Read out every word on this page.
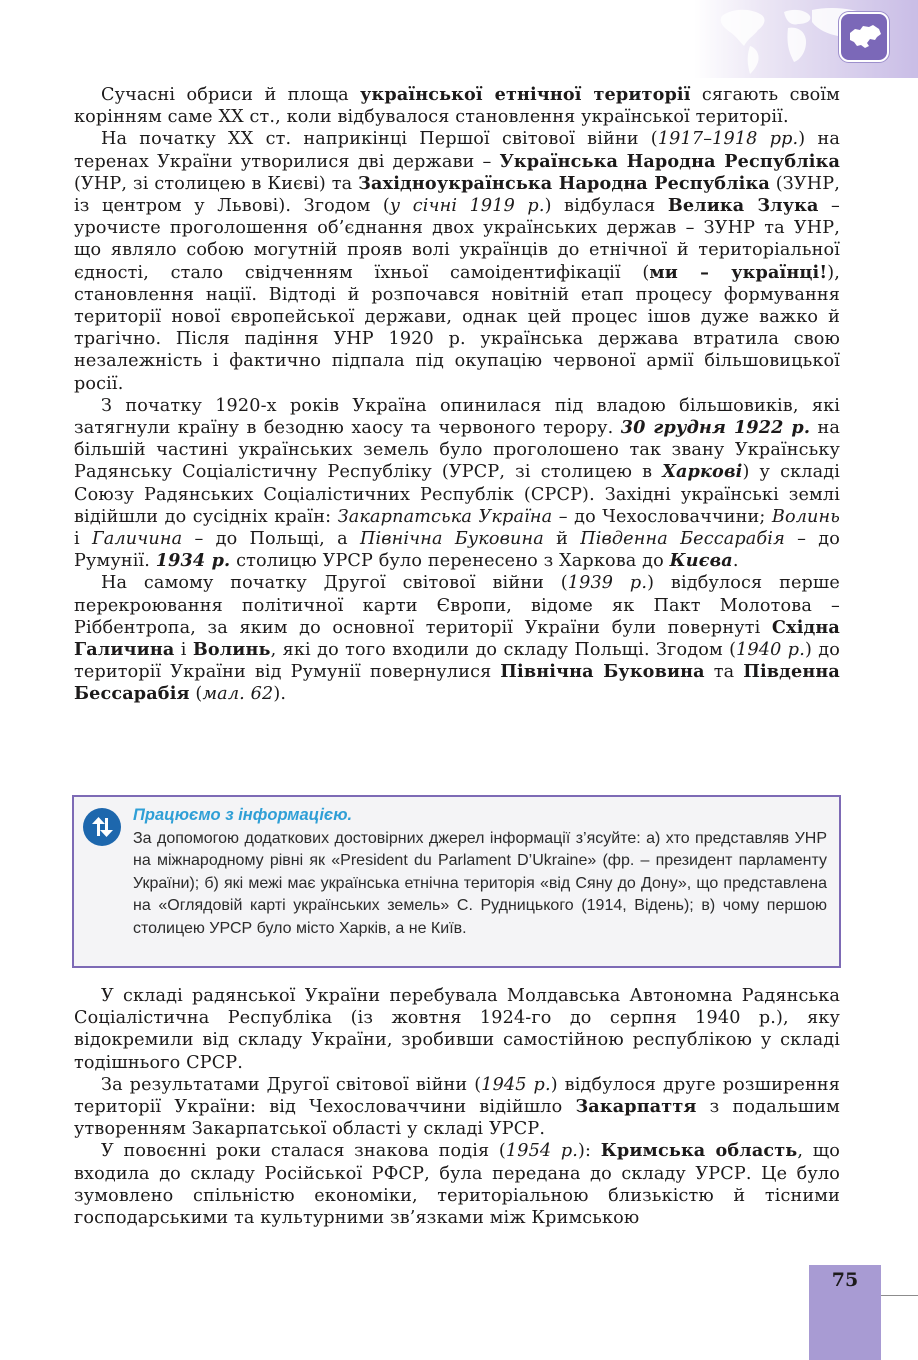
Сучасні обриси й площа української етнічної території сягають своїм корінням саме XX ст., коли відбувалося становлення української території.

На початку XX ст. наприкінці Першої світової війни (1917–1918 рр.) на теренах України утворилися дві держави – Українська Народна Республіка (УНР, зі столицею в Києві) та Західноукраїнська Народна Республіка (ЗУНР, із центром у Львові). Згодом (у січні 1919 р.) відбулася Велика Злука – урочисте проголошення об’єднання двох українських держав – ЗУНР та УНР, що являло собою могутній прояв волі українців до етнічної й територіальної єдності, стало свідченням їхньої самоідентифікації (ми – українці!), становлення нації. Відтоді й розпочався новітній етап процесу формування території нової європейської держави, однак цей процес ішов дуже важко й трагічно. Після падіння УНР 1920 р. українська держава втратила свою незалежність і фактично підпала під окупацію червоної армії більшовицької росії.

З початку 1920-х років Україна опинилася під владою більшовиків, які затягнули країну в безодню хаосу та червоного терору. 30 грудня 1922 р. на більшій частині українських земель було проголошено так звану Українську Радянську Соціалістичну Республіку (УРСР, зі столицею в Харкові) у складі Союзу Радянських Соціалістичних Республік (СРСР). Західні українські землі відійшли до сусідніх країн: Закарпатська Україна – до Чехословаччини; Волинь і Галичина – до Польщі, а Північна Буковина й Південна Бессарабія – до Румунії. 1934 р. столицю УРСР було перенесено з Харкова до Києва.

На самому початку Другої світової війни (1939 р.) відбулося перше перекроювання політичної карти Європи, відоме як Пакт Молотова – Ріббентропа, за яким до основної території України були повернуті Східна Галичина і Волинь, які до того входили до складу Польщі. Згодом (1940 р.) до території України від Румунії повернулися Північна Буковина та Південна Бессарабія (мал. 62).

Працюємо з інформацією.
За допомогою додаткових достовірних джерел інформації з’ясуйте: а) хто представляв УНР на міжнародному рівні як «President du Parlament D’Ukraine» (фр. – президент парламенту України); б) які межі має українська етнічна територія «від Сяну до Дону», що представлена на «Оглядовій карті українських земель» С. Рудницького (1914, Відень); в) чому першою столицею УРСР було місто Харків, а не Київ.

У складі радянської України перебувала Молдавська Автономна Радянська Соціалістична Республіка (із жовтня 1924-го до серпня 1940 р.), яку відокремили від складу України, зробивши самостійною республікою у складі тодішнього СРСР.

За результатами Другої світової війни (1945 р.) відбулося друге розширення території України: від Чехословаччини відійшло Закарпаття з подальшим утворенням Закарпатської області у складі УРСР.

У повоєнні роки сталася знакова подія (1954 р.): Кримська область, що входила до складу Російської РФСР, була передана до складу УРСР. Це було зумовлено спільністю економіки, територіальною близькістю й тісними господарськими та культурними зв’язками між Кримською

75
